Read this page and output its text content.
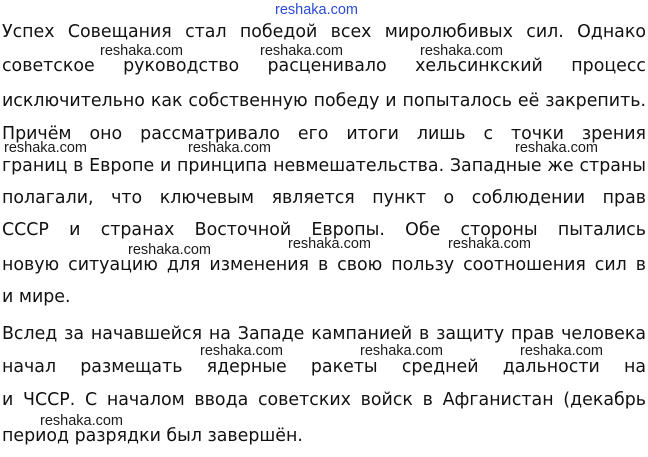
reshaka.com
reshaka.com	reshaka.com	reshaka.com
reshaka.com	reshaka.com	reshaka.com
reshaka.com	reshaka.com	reshaka.com
reshaka.com	reshaka.com	reshaka.com
reshaka.com
Успех Совещания стал победой всех миролюбивых сил. Однако
советское руководство расценивало хельсинкский процесс
исключительно как собственную победу и попыталось её закрепить.
Причём оно рассматривало его итоги лишь с точки зрения
границ в Европе и принципа невмешательства. Западные же страны
полагали, что ключевым является пункт о соблюдении прав
СССР и странах Восточной Европы. Обе стороны пытались
новую ситуацию для изменения в свою пользу соотношения сил в
и мире.
Вслед за начавшейся на Западе кампанией в защиту прав человека
начал размещать ядерные ракеты средней дальности на
и ЧССР. С началом ввода советских войск в Афганистан (декабрь
период разрядки был завершён.
